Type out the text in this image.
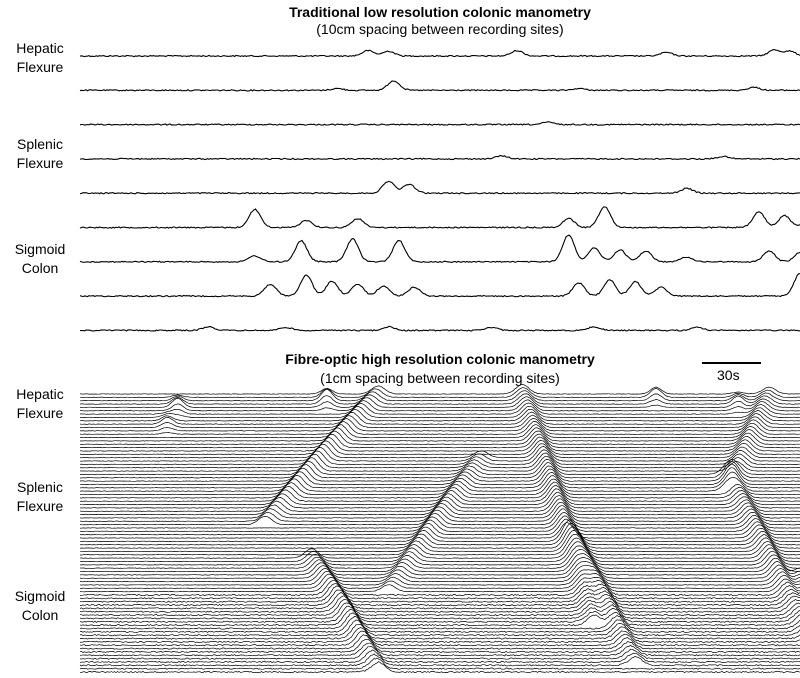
Traditional low resolution colonic manometry
(10cm spacing between recording sites)
Hepatic
Flexure
Splenic
Flexure
Sigmoid
Colon
Fibre-optic high resolution colonic manometry
(1cm spacing between recording sites)
Hepatic
Flexure
Splenic
Flexure
Sigmoid
Colon
30s
